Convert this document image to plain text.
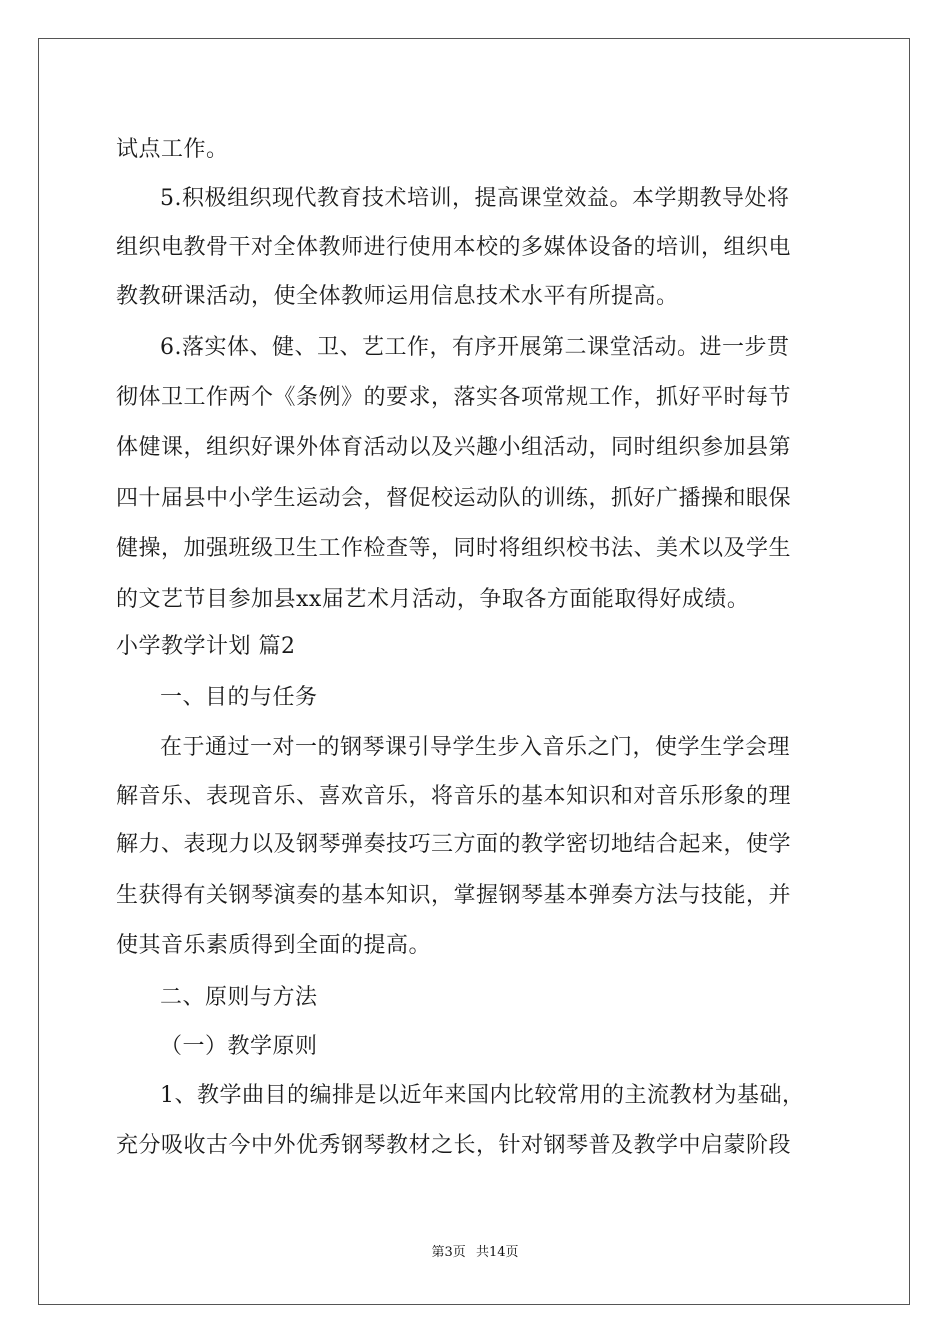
试点工作。

5.积极组织现代教育技术培训，提高课堂效益。本学期教导处将

组织电教骨干对全体教师进行使用本校的多媒体设备的培训，组织电

教教研课活动，使全体教师运用信息技术水平有所提高。

6.落实体、健、卫、艺工作，有序开展第二课堂活动。进一步贯

彻体卫工作两个《条例》的要求，落实各项常规工作，抓好平时每节

体健课，组织好课外体育活动以及兴趣小组活动，同时组织参加县第

四十届县中小学生运动会，督促校运动队的训练，抓好广播操和眼保

健操，加强班级卫生工作检查等，同时将组织校书法、美术以及学生

的文艺节目参加县xx届艺术月活动，争取各方面能取得好成绩。

小学教学计划 篇2

一、目的与任务

在于通过一对一的钢琴课引导学生步入音乐之门，使学生学会理

解音乐、表现音乐、喜欢音乐，将音乐的基本知识和对音乐形象的理

解力、表现力以及钢琴弹奏技巧三方面的教学密切地结合起来，使学

生获得有关钢琴演奏的基本知识，掌握钢琴基本弹奏方法与技能，并

使其音乐素质得到全面的提高。

二、原则与方法

（一）教学原则

1、教学曲目的编排是以近年来国内比较常用的主流教材为基础，

充分吸收古今中外优秀钢琴教材之长，针对钢琴普及教学中启蒙阶段

第3页 共14页
